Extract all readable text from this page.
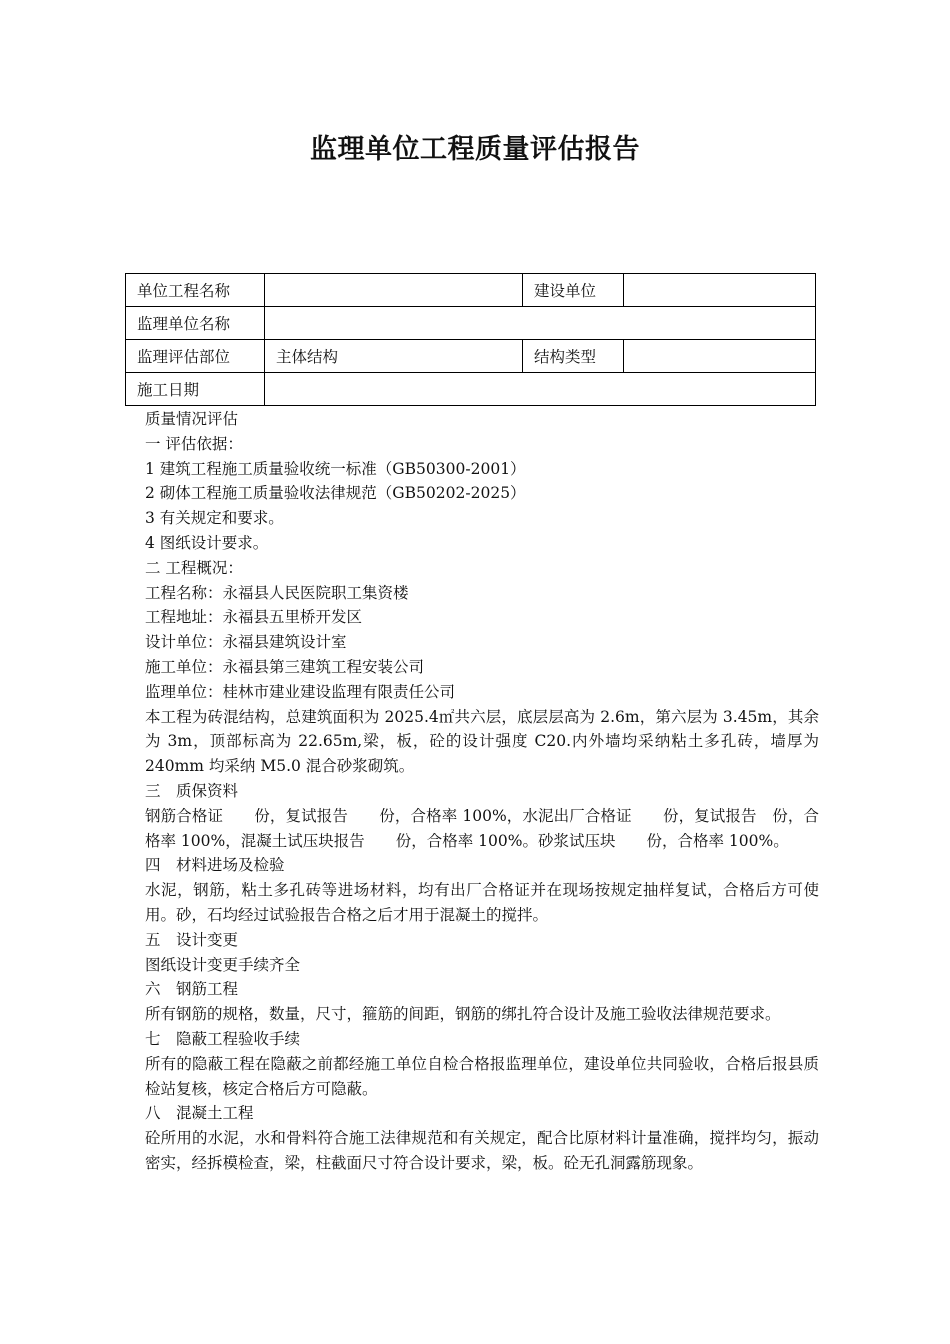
监理单位工程质量评估报告
单位工程名称		建设单位	
监理单位名称			
监理评估部位	主体结构	结构类型	
施工日期			

质量情况评估

一 评估依据：

1 建筑工程施工质量验收统一标准（GB50300-2001）

2 砌体工程施工质量验收法律规范（GB50202-2025）

3 有关规定和要求。

4 图纸设计要求。

二 工程概况：

工程名称：永福县人民医院职工集资楼

工程地址：永福县五里桥开发区

设计单位：永福县建筑设计室

施工单位：永福县第三建筑工程安装公司

监理单位：桂林市建业建设监理有限责任公司

本工程为砖混结构，总建筑面积为 2025.4㎡共六层，底层层高为 2.6m，第六层为 3.45m，其余为 3m，顶部标高为 22.65m,梁，板，砼的设计强度 C20.内外墙均采纳粘土多孔砖，墙厚为 240mm 均采纳 M5.0 混合砂浆砌筑。

三　质保资料

钢筋合格证　　份，复试报告　　份，合格率 100%，水泥出厂合格证　　份，复试报告　份，合格率 100%，混凝土试压块报告　　份，合格率 100%。砂浆试压块　　份，合格率 100%。

四　材料进场及检验

水泥，钢筋，粘土多孔砖等进场材料，均有出厂合格证并在现场按规定抽样复试，合格后方可使用。砂，石均经过试验报告合格之后才用于混凝土的搅拌。

五　设计变更

图纸设计变更手续齐全

六　钢筋工程

所有钢筋的规格，数量，尺寸，箍筋的间距，钢筋的绑扎符合设计及施工验收法律规范要求。

七　隐蔽工程验收手续

所有的隐蔽工程在隐蔽之前都经施工单位自检合格报监理单位，建设单位共同验收，合格后报县质检站复核，核定合格后方可隐蔽。

八　混凝土工程

砼所用的水泥，水和骨料符合施工法律规范和有关规定，配合比原材料计量准确，搅拌均匀，振动密实，经拆模检查，梁，柱截面尺寸符合设计要求，梁，板。砼无孔洞露筋现象。
